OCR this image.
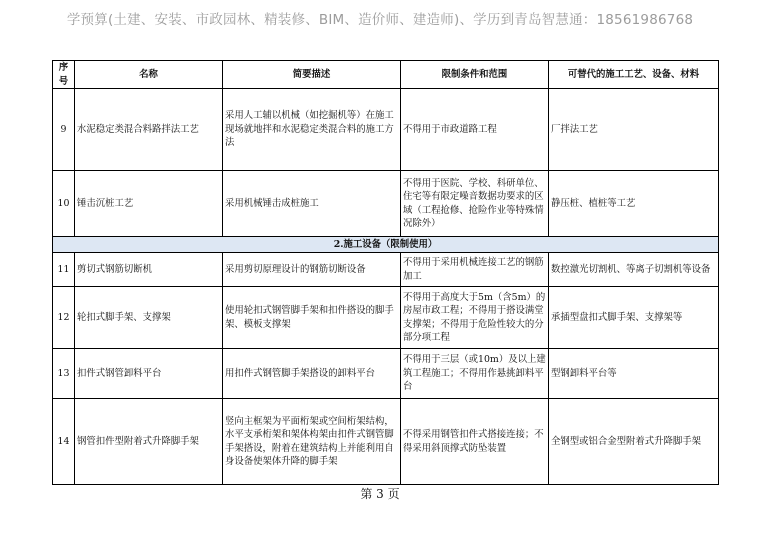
学预算(土建、安装、市政园林、精装修、BIM、造价师、建造师)、学历到青岛智慧通：18561986768
序号	名称	简要描述	限制条件和范围	可替代的施工工艺、设备、材料
9	水泥稳定类混合料路拌法工艺	采用人工辅以机械（如挖掘机等）在施工现场就地拌和水泥稳定类混合料的施工方法	不得用于市政道路工程	厂拌法工艺
10	锤击沉桩工艺	采用机械锤击成桩施工	不得用于医院、学校、科研单位、住宅等有限定噪音数据功要求的区域（工程抢修、抢险作业等特殊情况除外）	静压桩、植桩等工艺
2.施工设备（限制使用）				
11	剪切式钢筋切断机	采用剪切原理设计的钢筋切断设备	不得用于采用机械连接工艺的钢筋加工	数控激光切割机、等离子切割机等设备
12	轮扣式脚手架、支撑架	使用轮扣式钢管脚手架和扣件搭设的脚手架、模板支撑架	不得用于高度大于5m（含5m）的房屋市政工程；不得用于搭设满堂支撑架；不得用于危险性较大的分部分项工程	承插型盘扣式脚手架、支撑架等
13	扣件式钢管卸料平台	用扣件式钢管脚手架搭设的卸料平台	不得用于三层（或10m）及以上建筑工程施工；不得用作悬挑卸料平台	型钢卸料平台等
14	钢管扣件型附着式升降脚手架	竖向主框架为平面桁架或空间桁架结构，水平支承桁架和架体构架由扣件式钢管脚手架搭设，附着在建筑结构上并能利用自身设备使架体升降的脚手架	不得采用钢管扣件式搭接连接；不得采用斜顶撑式防坠装置	全钢型或铝合金型附着式升降脚手架
第 3 页
